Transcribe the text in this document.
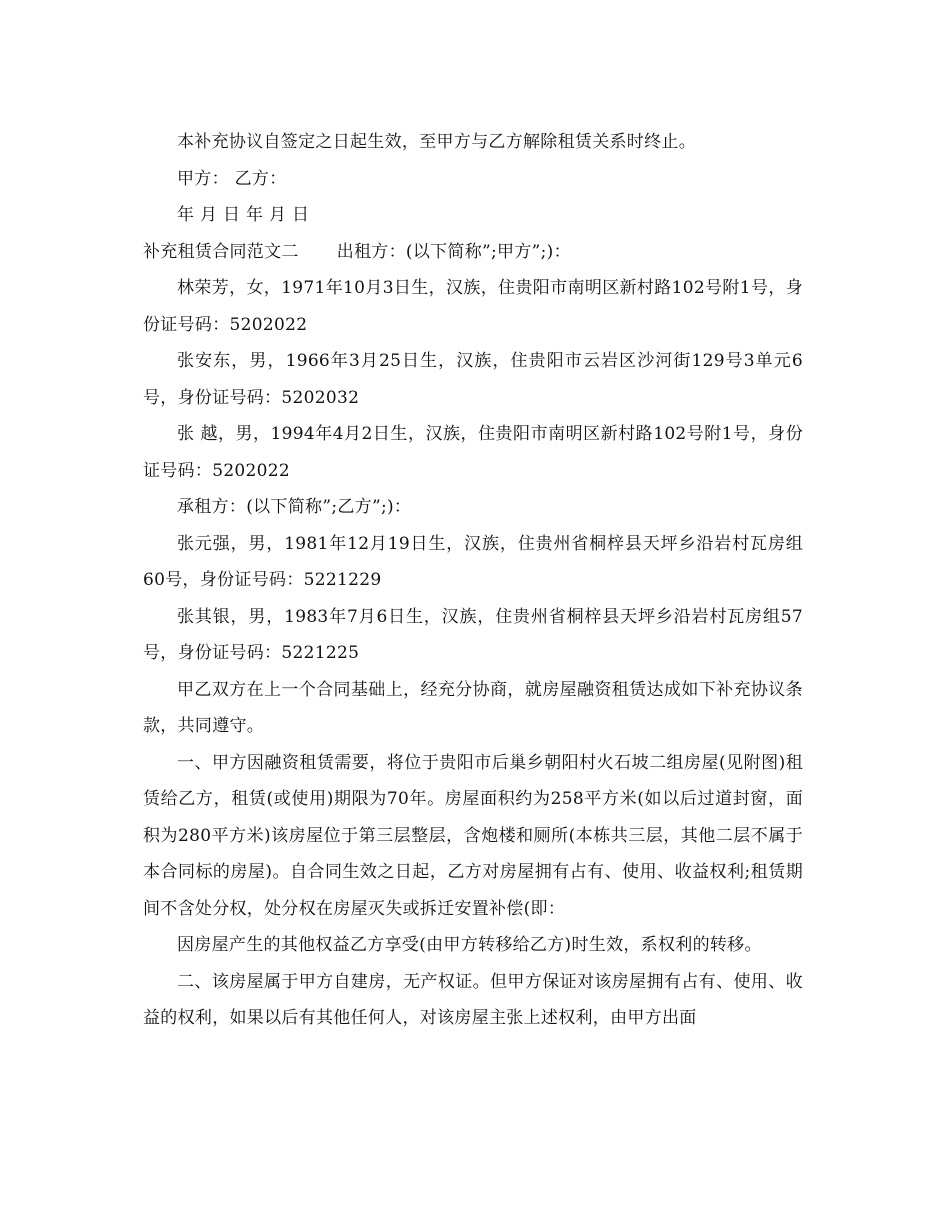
本补充协议自签定之日起生效，至甲方与乙方解除租赁关系时终止。

甲方： 乙方：

年 月 日 年 月 日

补充租赁合同范文二 出租方：(以下简称”;甲方”;)：

林荣芳，女，1971年10月3日生，汉族，住贵阳市南明区新村路102号附1号，身份证号码：5202022

张安东，男，1966年3月25日生，汉族，住贵阳市云岩区沙河街129号3单元6号，身份证号码：5202032

张 越，男，1994年4月2日生，汉族，住贵阳市南明区新村路102号附1号，身份证号码：5202022

承租方：(以下简称”;乙方”;)：

张元强，男，1981年12月19日生，汉族，住贵州省桐梓县天坪乡沿岩村瓦房组60号，身份证号码：5221229

张其银，男，1983年7月6日生，汉族，住贵州省桐梓县天坪乡沿岩村瓦房组57号，身份证号码：5221225

甲乙双方在上一个合同基础上，经充分协商，就房屋融资租赁达成如下补充协议条款，共同遵守。

一、甲方因融资租赁需要，将位于贵阳市后巢乡朝阳村火石坡二组房屋(见附图)租赁给乙方，租赁(或使用)期限为70年。房屋面积约为258平方米(如以后过道封窗，面积为280平方米)该房屋位于第三层整层，含炮楼和厕所(本栋共三层，其他二层不属于本合同标的房屋)。自合同生效之日起，乙方对房屋拥有占有、使用、收益权利;租赁期间不含处分权，处分权在房屋灭失或拆迁安置补偿(即：

因房屋产生的其他权益乙方享受(由甲方转移给乙方)时生效，系权利的转移。

二、该房屋属于甲方自建房，无产权证。但甲方保证对该房屋拥有占有、使用、收益的权利，如果以后有其他任何人，对该房屋主张上述权利，由甲方出面
